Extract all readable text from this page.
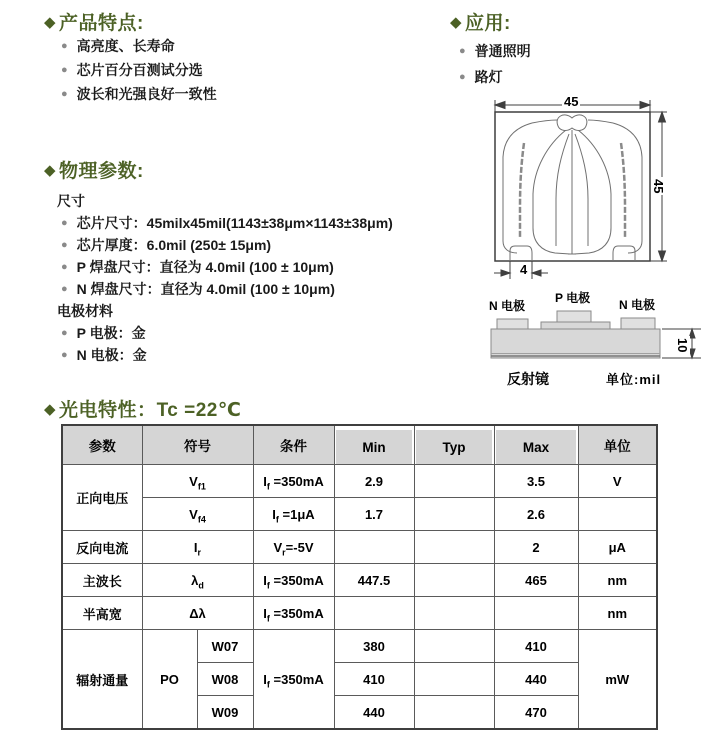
◆ 产品特点:
● 高亮度、长寿命
● 芯片百分百测试分选
● 波长和光强良好一致性
◆ 应用:
● 普通照明
● 路灯
◆ 物理参数:
尺寸
● 芯片尺寸：45milx45mil(1143±38μm×1143±38μm)
● 芯片厚度：6.0mil (250± 15μm)
● P 焊盘尺寸：直径为 4.0mil (100 ± 10μm)
● N 焊盘尺寸：直径为 4.0mil (100 ± 10μm)
电极材料
● P 电极：金
● N 电极：金
45
45
4
10
N 电极
P 电极 N 电极
反射镜	单位:mil
◆ 光电特性：Tc =22℃
参数	符号		条件	Min	Typ	Max	单位
正向电压	$V_{f1}$		$I_f =350mA$	2.9		3.5	V
	$V_{f4}$		$I_f =1\mu A$	1.7		2.6	
反向电流	$I_r$		$V_r=-5V$			2	μA
主波长	$\lambda_d$		$I_f =350mA$	447.5		465	nm
半高宽	Δλ		$I_f =350mA$				nm
辐射通量	PO	W07	$I_f =350mA$	380		410	mW
		W08		410		440	
		W09		440		470	
